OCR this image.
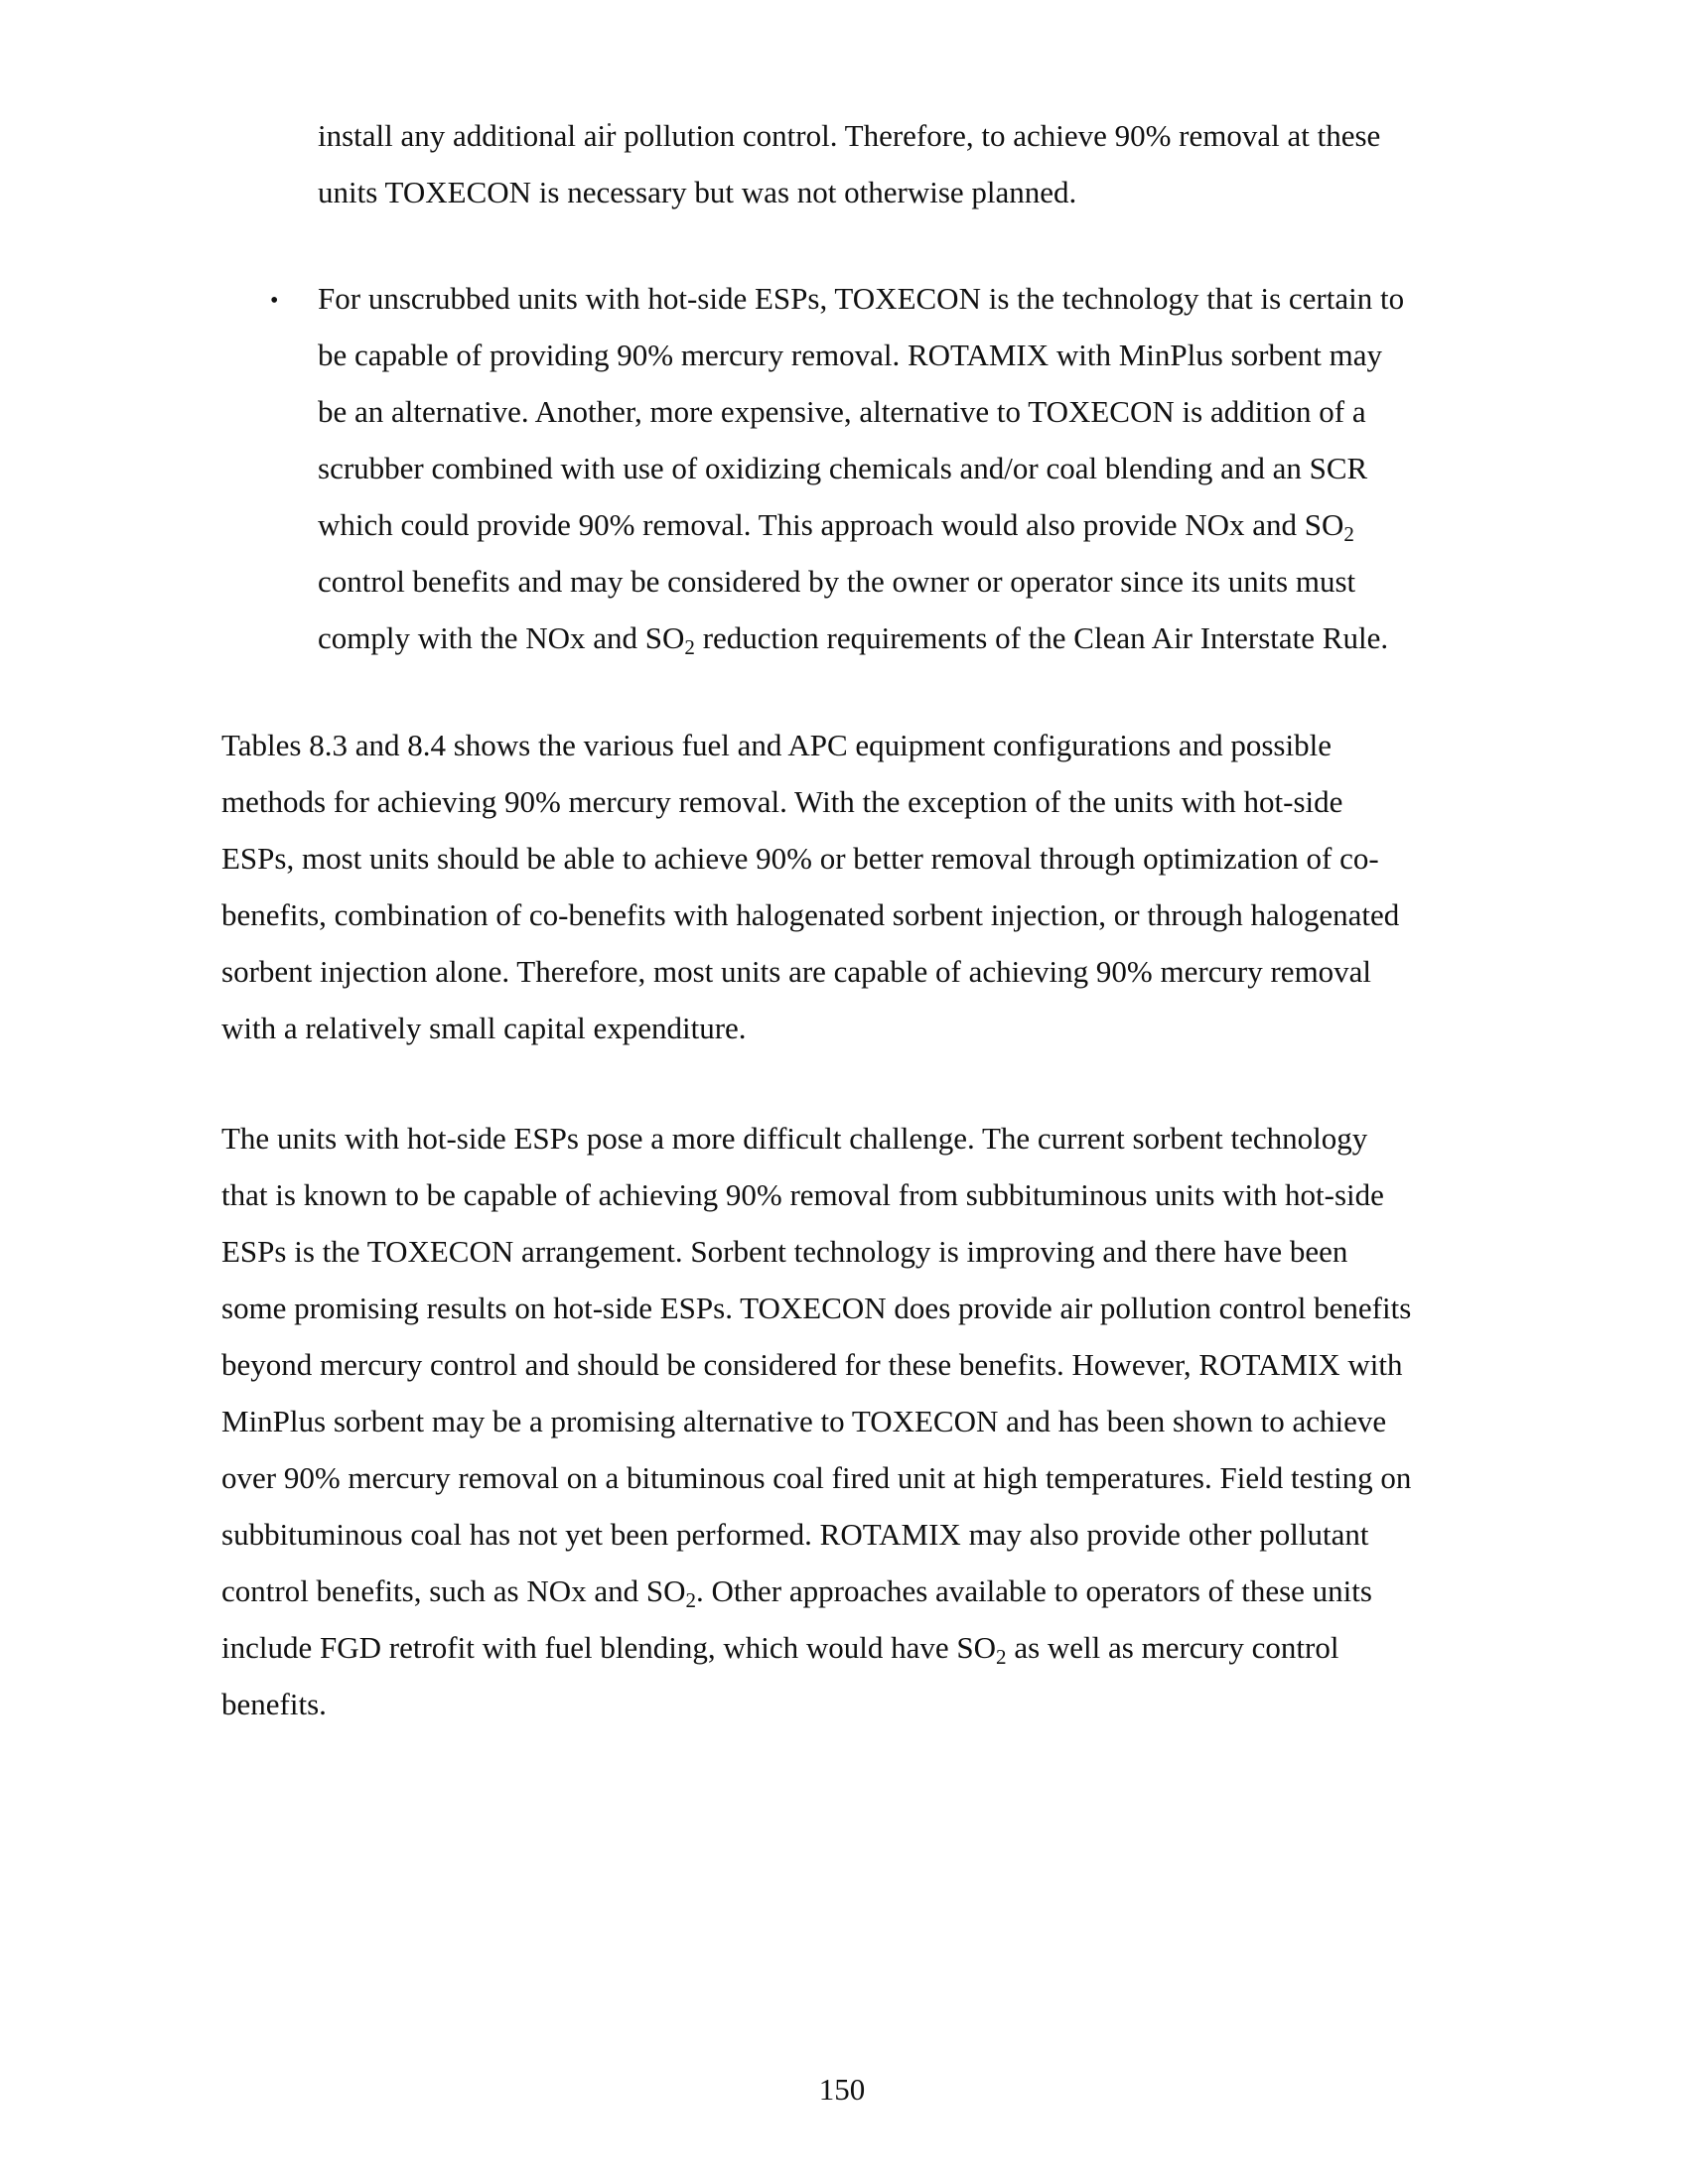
install any additional air pollution control. Therefore, to achieve 90% removal at these
units TOXECON is necessary but was not otherwise planned.
•	For unscrubbed units with hot-side ESPs, TOXECON is the technology that is certain to
be capable of providing 90% mercury removal. ROTAMIX with MinPlus sorbent may
be an alternative. Another, more expensive, alternative to TOXECON is addition of a
scrubber combined with use of oxidizing chemicals and/or coal blending and an SCR
which could provide 90% removal. This approach would also provide NOx and $SO_2$
control benefits and may be considered by the owner or operator since its units must
comply with the NOx and $SO_2$ reduction requirements of the Clean Air Interstate Rule.
Tables 8.3 and 8.4 shows the various fuel and APC equipment configurations and possible
methods for achieving 90% mercury removal. With the exception of the units with hot-side
ESPs, most units should be able to achieve 90% or better removal through optimization of co-
benefits, combination of co-benefits with halogenated sorbent injection, or through halogenated
sorbent injection alone. Therefore, most units are capable of achieving 90% mercury removal
with a relatively small capital expenditure.
The units with hot-side ESPs pose a more difficult challenge. The current sorbent technology
that is known to be capable of achieving 90% removal from subbituminous units with hot-side
ESPs is the TOXECON arrangement. Sorbent technology is improving and there have been
some promising results on hot-side ESPs. TOXECON does provide air pollution control benefits
beyond mercury control and should be considered for these benefits. However, ROTAMIX with
MinPlus sorbent may be a promising alternative to TOXECON and has been shown to achieve
over 90% mercury removal on a bituminous coal fired unit at high temperatures. Field testing on
subbituminous coal has not yet been performed. ROTAMIX may also provide other pollutant
control benefits, such as NOx and $SO_2$. Other approaches available to operators of these units
include FGD retrofit with fuel blending, which would have $SO_2$ as well as mercury control
benefits.
150
